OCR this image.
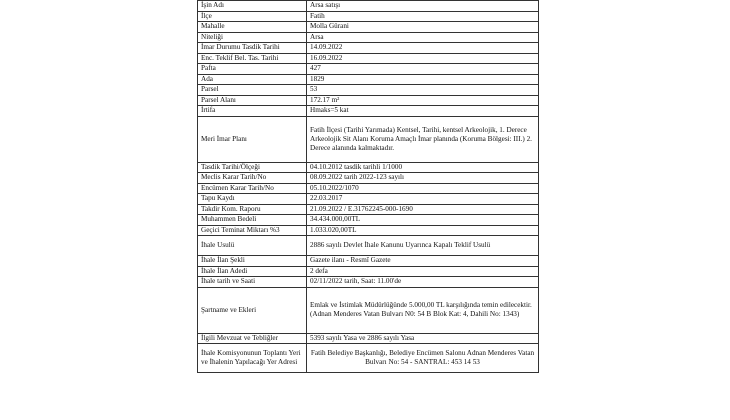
İşin Adı	Arsa satışı
İlçe	Fatih
Mahalle	Molla Gürani
Niteliği	Arsa
İmar Durumu Tasdik Tarihi	14.09.2022
Enc. Teklif Bel. Tas. Tarihi	16.09.2022
Pafta	427
Ada	1829
Parsel	53
Parsel Alanı	172.17 m²
İrtifa	Hmaks=5 kat
Meri İmar Planı	Fatih İlçesi (Tarihi Yarımada) Kentsel, Tarihi, kentsel Arkeolojik, 1. Derece Arkeolojik Sit Alanı Koruma Amaçlı İmar planında (Koruma Bölgesi: III.) 2. Derece alanında kalmaktadır.
Tasdik Tarihi/Ölçeği	04.10.2012 tasdik tarihli 1/1000
Meclis Karar Tarih/No	08.09.2022 tarih 2022-123 sayılı
Encümen Karar Tarih/No	05.10.2022/1070
Tapu Kaydı	22.03.2017
Takdir Kom. Raporu	21.09.2022 / E.31762245-000-1690
Muhammen Bedeli	34.434.000,00TL
Geçici Teminat Miktarı %3	1.033.020,00TL
İhale Usulü	2886 sayılı Devlet İhale Kanunu Uyarınca Kapalı Teklif Usulü
İhale İlan Şekli	Gazete ilanı - Resmî Gazete
İhale İlan Adedi	2 defa
İhale tarih ve Saati	02/11/2022 tarih, Saat: 11.00'de
Şartname ve Ekleri	Emlak ve İstimlak Müdürlüğünde 5.000,00 TL karşılığında temin edilecektir. (Adnan Menderes Vatan Bulvarı N0: 54 B Blok Kat: 4, Dahili No: 1343)
İlgili Mevzuat ve Tebliğler	5393 sayılı Yasa ve 2886 sayılı Yasa
İhale Komisyonunun Toplantı Yeri ve İhalenin Yapılacağı Yer Adresi	Fatih Belediye Başkanlığı, Belediye Encümen Salonu Adnan Menderes Vatan Bulvarı No: 54 - SANTRAL: 453 14 53
